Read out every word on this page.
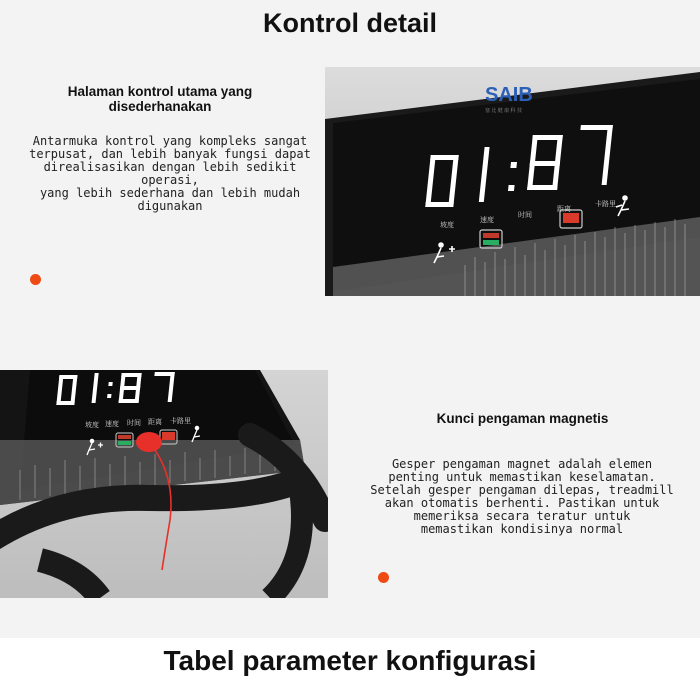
Kontrol detail
Halaman kontrol utama yang
disederhanakan
Antarmuka kontrol yang kompleks sangat
terpusat, dan lebih banyak fungsi dapat
direalisasikan dengan lebih sedikit operasi,
yang lebih sederhana dan lebih mudah
digunakan
SAIB
塞 比 健 康 科 技
坡度
速度
时间
距离
卡路里
坡度 速度 时间 距离 卡路里	Kunci pengaman magnetis
Gesper pengaman magnet adalah elemen
penting untuk memastikan keselamatan.
Setelah gesper pengaman dilepas, treadmill
akan otomatis berhenti. Pastikan untuk
memeriksa secara teratur untuk
memastikan kondisinya normal
Tabel parameter konfigurasi
